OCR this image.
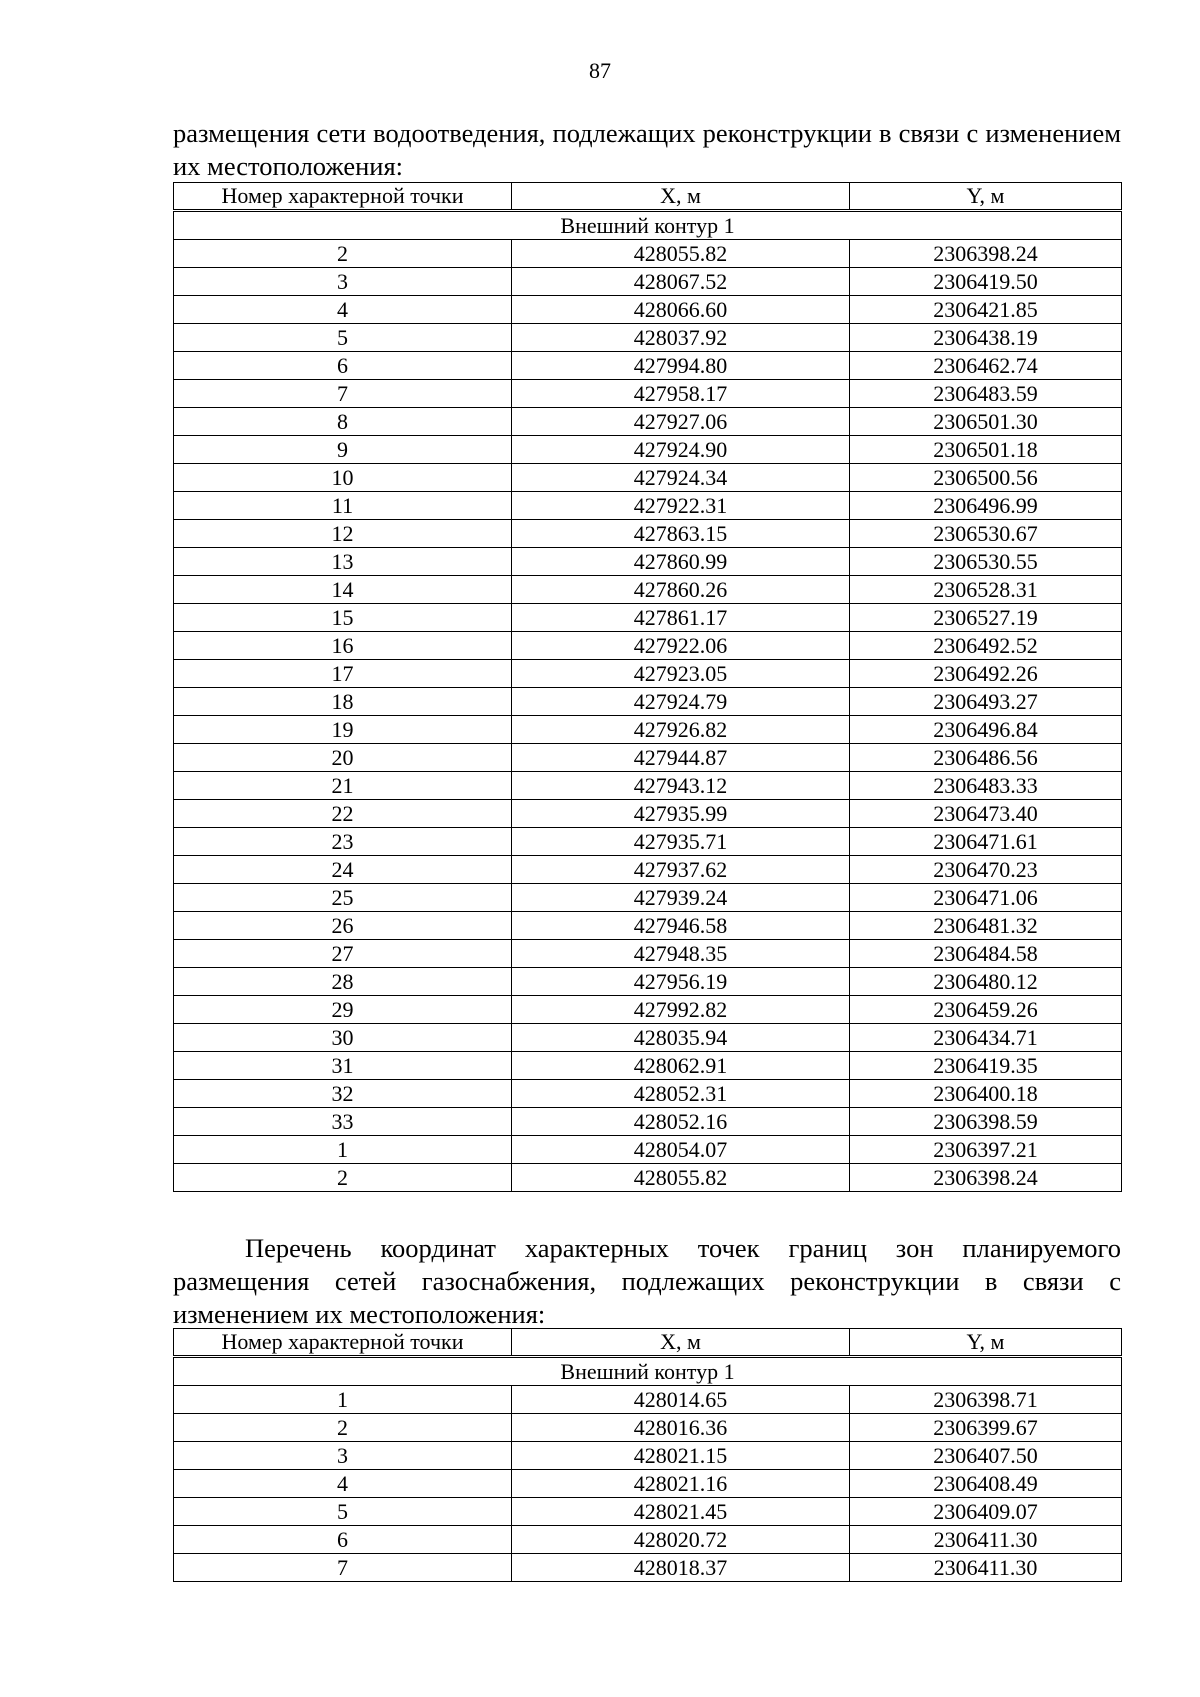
87

размещения сети водоотведения, подлежащих реконструкции в связи с изменением их местоположения:

Номер характерной точки	X, м	Y, м

Внешний контур 1		
2	428055.82	2306398.24
3	428067.52	2306419.50
4	428066.60	2306421.85
5	428037.92	2306438.19
6	427994.80	2306462.74
7	427958.17	2306483.59
8	427927.06	2306501.30
9	427924.90	2306501.18
10	427924.34	2306500.56
11	427922.31	2306496.99
12	427863.15	2306530.67
13	427860.99	2306530.55
14	427860.26	2306528.31
15	427861.17	2306527.19
16	427922.06	2306492.52
17	427923.05	2306492.26
18	427924.79	2306493.27
19	427926.82	2306496.84
20	427944.87	2306486.56
21	427943.12	2306483.33
22	427935.99	2306473.40
23	427935.71	2306471.61
24	427937.62	2306470.23
25	427939.24	2306471.06
26	427946.58	2306481.32
27	427948.35	2306484.58
28	427956.19	2306480.12
29	427992.82	2306459.26
30	428035.94	2306434.71
31	428062.91	2306419.35
32	428052.31	2306400.18
33	428052.16	2306398.59
1	428054.07	2306397.21
2	428055.82	2306398.24

Перечень координат характерных точек границ зон планируемого размещения сетей газоснабжения, подлежащих реконструкции в связи с изменением их местоположения:

Номер характерной точки	X, м	Y, м

Внешний контур 1		
1	428014.65	2306398.71
2	428016.36	2306399.67
3	428021.15	2306407.50
4	428021.16	2306408.49
5	428021.45	2306409.07
6	428020.72	2306411.30
7	428018.37	2306411.30
